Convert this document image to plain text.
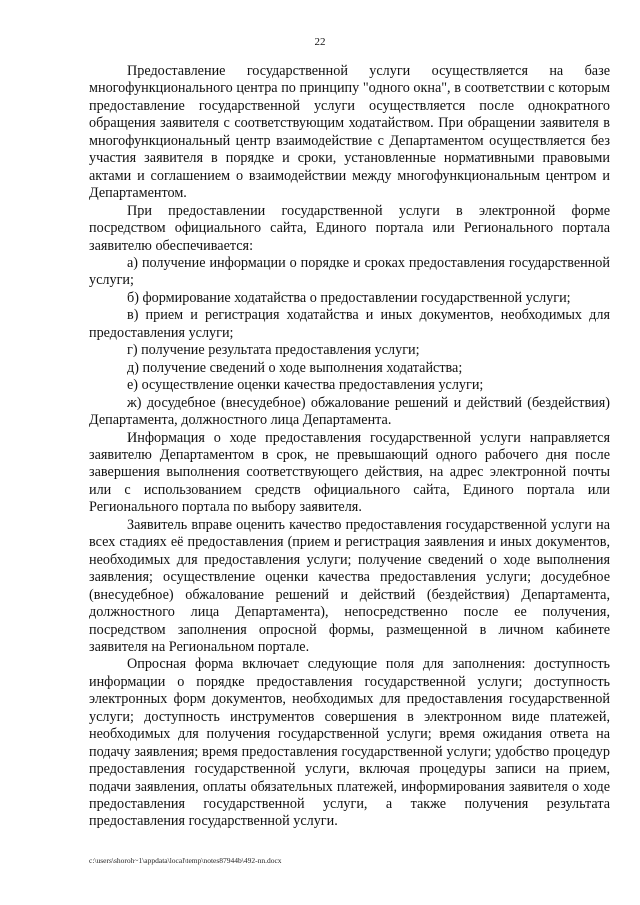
22

Предоставление государственной услуги осуществляется на базе многофункционального центра по принципу "одного окна", в соответствии с которым предоставление государственной услуги осуществляется после однократного обращения заявителя с соответствующим ходатайством. При обращении заявителя в многофункциональный центр взаимодействие с Департаментом осуществляется без участия заявителя в порядке и сроки, установленные нормативными правовыми актами и соглашением о взаимодействии между многофункциональным центром и Департаментом.

При предоставлении государственной услуги в электронной форме посредством официального сайта, Единого портала или Регионального портала заявителю обеспечивается:

а) получение информации о порядке и сроках предоставления государственной услуги;

б) формирование ходатайства о предоставлении государственной услуги;

в) прием и регистрация ходатайства и иных документов, необходимых для предоставления услуги;

г) получение результата предоставления услуги;

д) получение сведений о ходе выполнения ходатайства;

е) осуществление оценки качества предоставления услуги;

ж) досудебное (внесудебное) обжалование решений и действий (бездействия) Департамента, должностного лица Департамента.

Информация о ходе предоставления государственной услуги направляется заявителю Департаментом в срок, не превышающий одного рабочего дня после завершения выполнения соответствующего действия, на адрес электронной почты или с использованием средств официального сайта, Единого портала или Регионального портала по выбору заявителя.

Заявитель вправе оценить качество предоставления государственной услуги на всех стадиях её предоставления (прием и регистрация заявления и иных документов, необходимых для предоставления услуги; получение сведений о ходе выполнения заявления; осуществление оценки качества предоставления услуги; досудебное (внесудебное) обжалование решений и действий (бездействия) Департамента, должностного лица Департамента), непосредственно после ее получения, посредством заполнения опросной формы, размещенной в личном кабинете заявителя на Региональном портале.

Опросная форма включает следующие поля для заполнения: доступность информации о порядке предоставления государственной услуги; доступность электронных форм документов, необходимых для предоставления государственной услуги; доступность инструментов совершения в электронном виде платежей, необходимых для получения государственной услуги; время ожидания ответа на подачу заявления; время предоставления государственной услуги; удобство процедур предоставления государственной услуги, включая процедуры записи на прием, подачи заявления, оплаты обязательных платежей, информирования заявителя о ходе предоставления государственной услуги, а также получения результата предоставления государственной услуги.

c:\users\shoroh~1\appdata\local\temp\notes87944b\492-nn.docx
